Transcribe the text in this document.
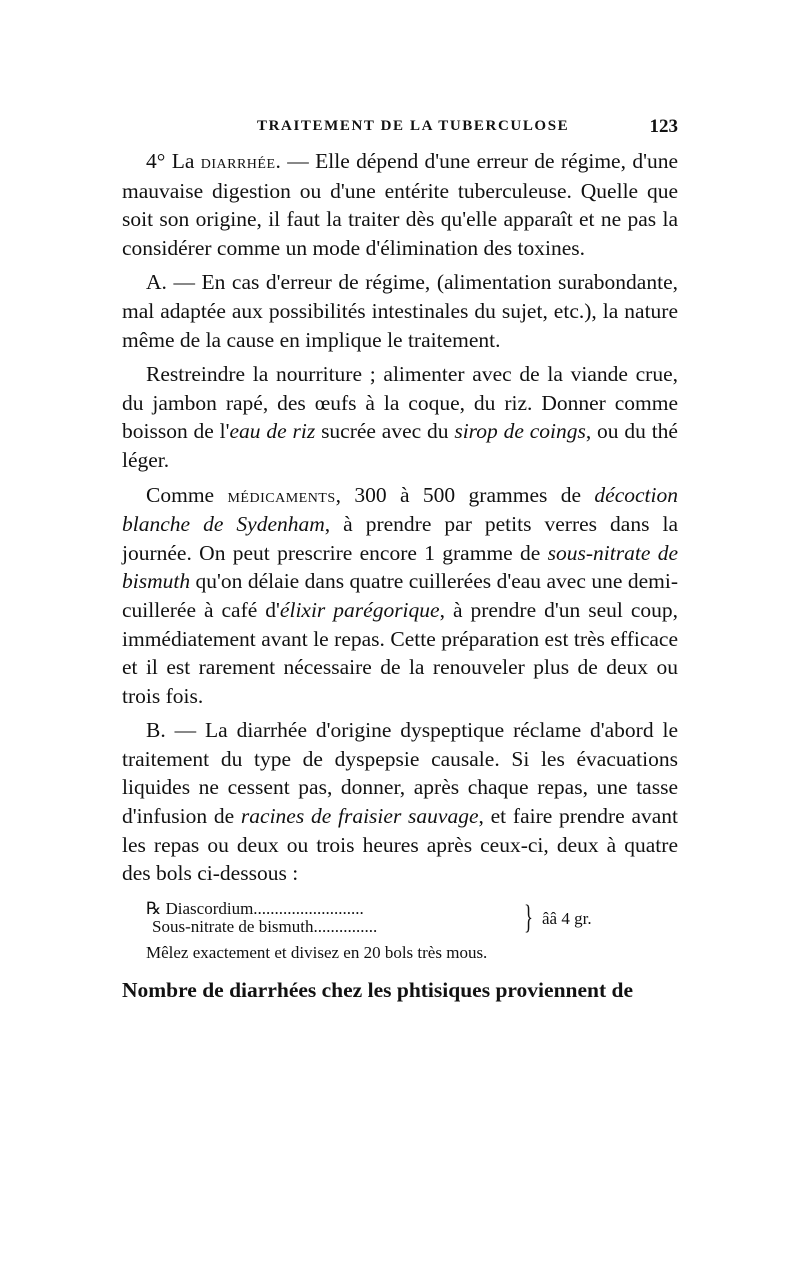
TRAITEMENT DE LA TUBERCULOSE	123

4° La diarrhée. — Elle dépend d'une erreur de régime, d'une mauvaise digestion ou d'une entérite tuberculeuse. Quelle que soit son origine, il faut la traiter dès qu'elle apparaît et ne pas la considérer comme un mode d'élimination des toxines.

A. — En cas d'erreur de régime, (alimentation surabondante, mal adaptée aux possibilités intestinales du sujet, etc.), la nature même de la cause en implique le traitement.

Restreindre la nourriture ; alimenter avec de la viande crue, du jambon rapé, des œufs à la coque, du riz. Donner comme boisson de l'eau de riz sucrée avec du sirop de coings, ou du thé léger.

Comme médicaments, 300 à 500 grammes de décoction blanche de Sydenham, à prendre par petits verres dans la journée. On peut prescrire encore 1 gramme de sous-nitrate de bismuth qu'on délaie dans quatre cuillerées d'eau avec une demi-cuillerée à café d'élixir parégorique, à prendre d'un seul coup, immédiatement avant le repas. Cette préparation est très efficace et il est rarement nécessaire de la renouveler plus de deux ou trois fois.

B. — La diarrhée d'origine dyspeptique réclame d'abord le traitement du type de dyspepsie causale. Si les évacuations liquides ne cessent pas, donner, après chaque repas, une tasse d'infusion de racines de fraisier sauvage, et faire prendre avant les repas ou deux ou trois heures après ceux-ci, deux à quatre des bols ci-dessous :

℞ Diascordium..........................
Sous-nitrate de bismuth...............	} ââ 4 gr.
Mêlez exactement et divisez en 20 bols très mous.

Nombre de diarrhées chez les phtisiques proviennent de
